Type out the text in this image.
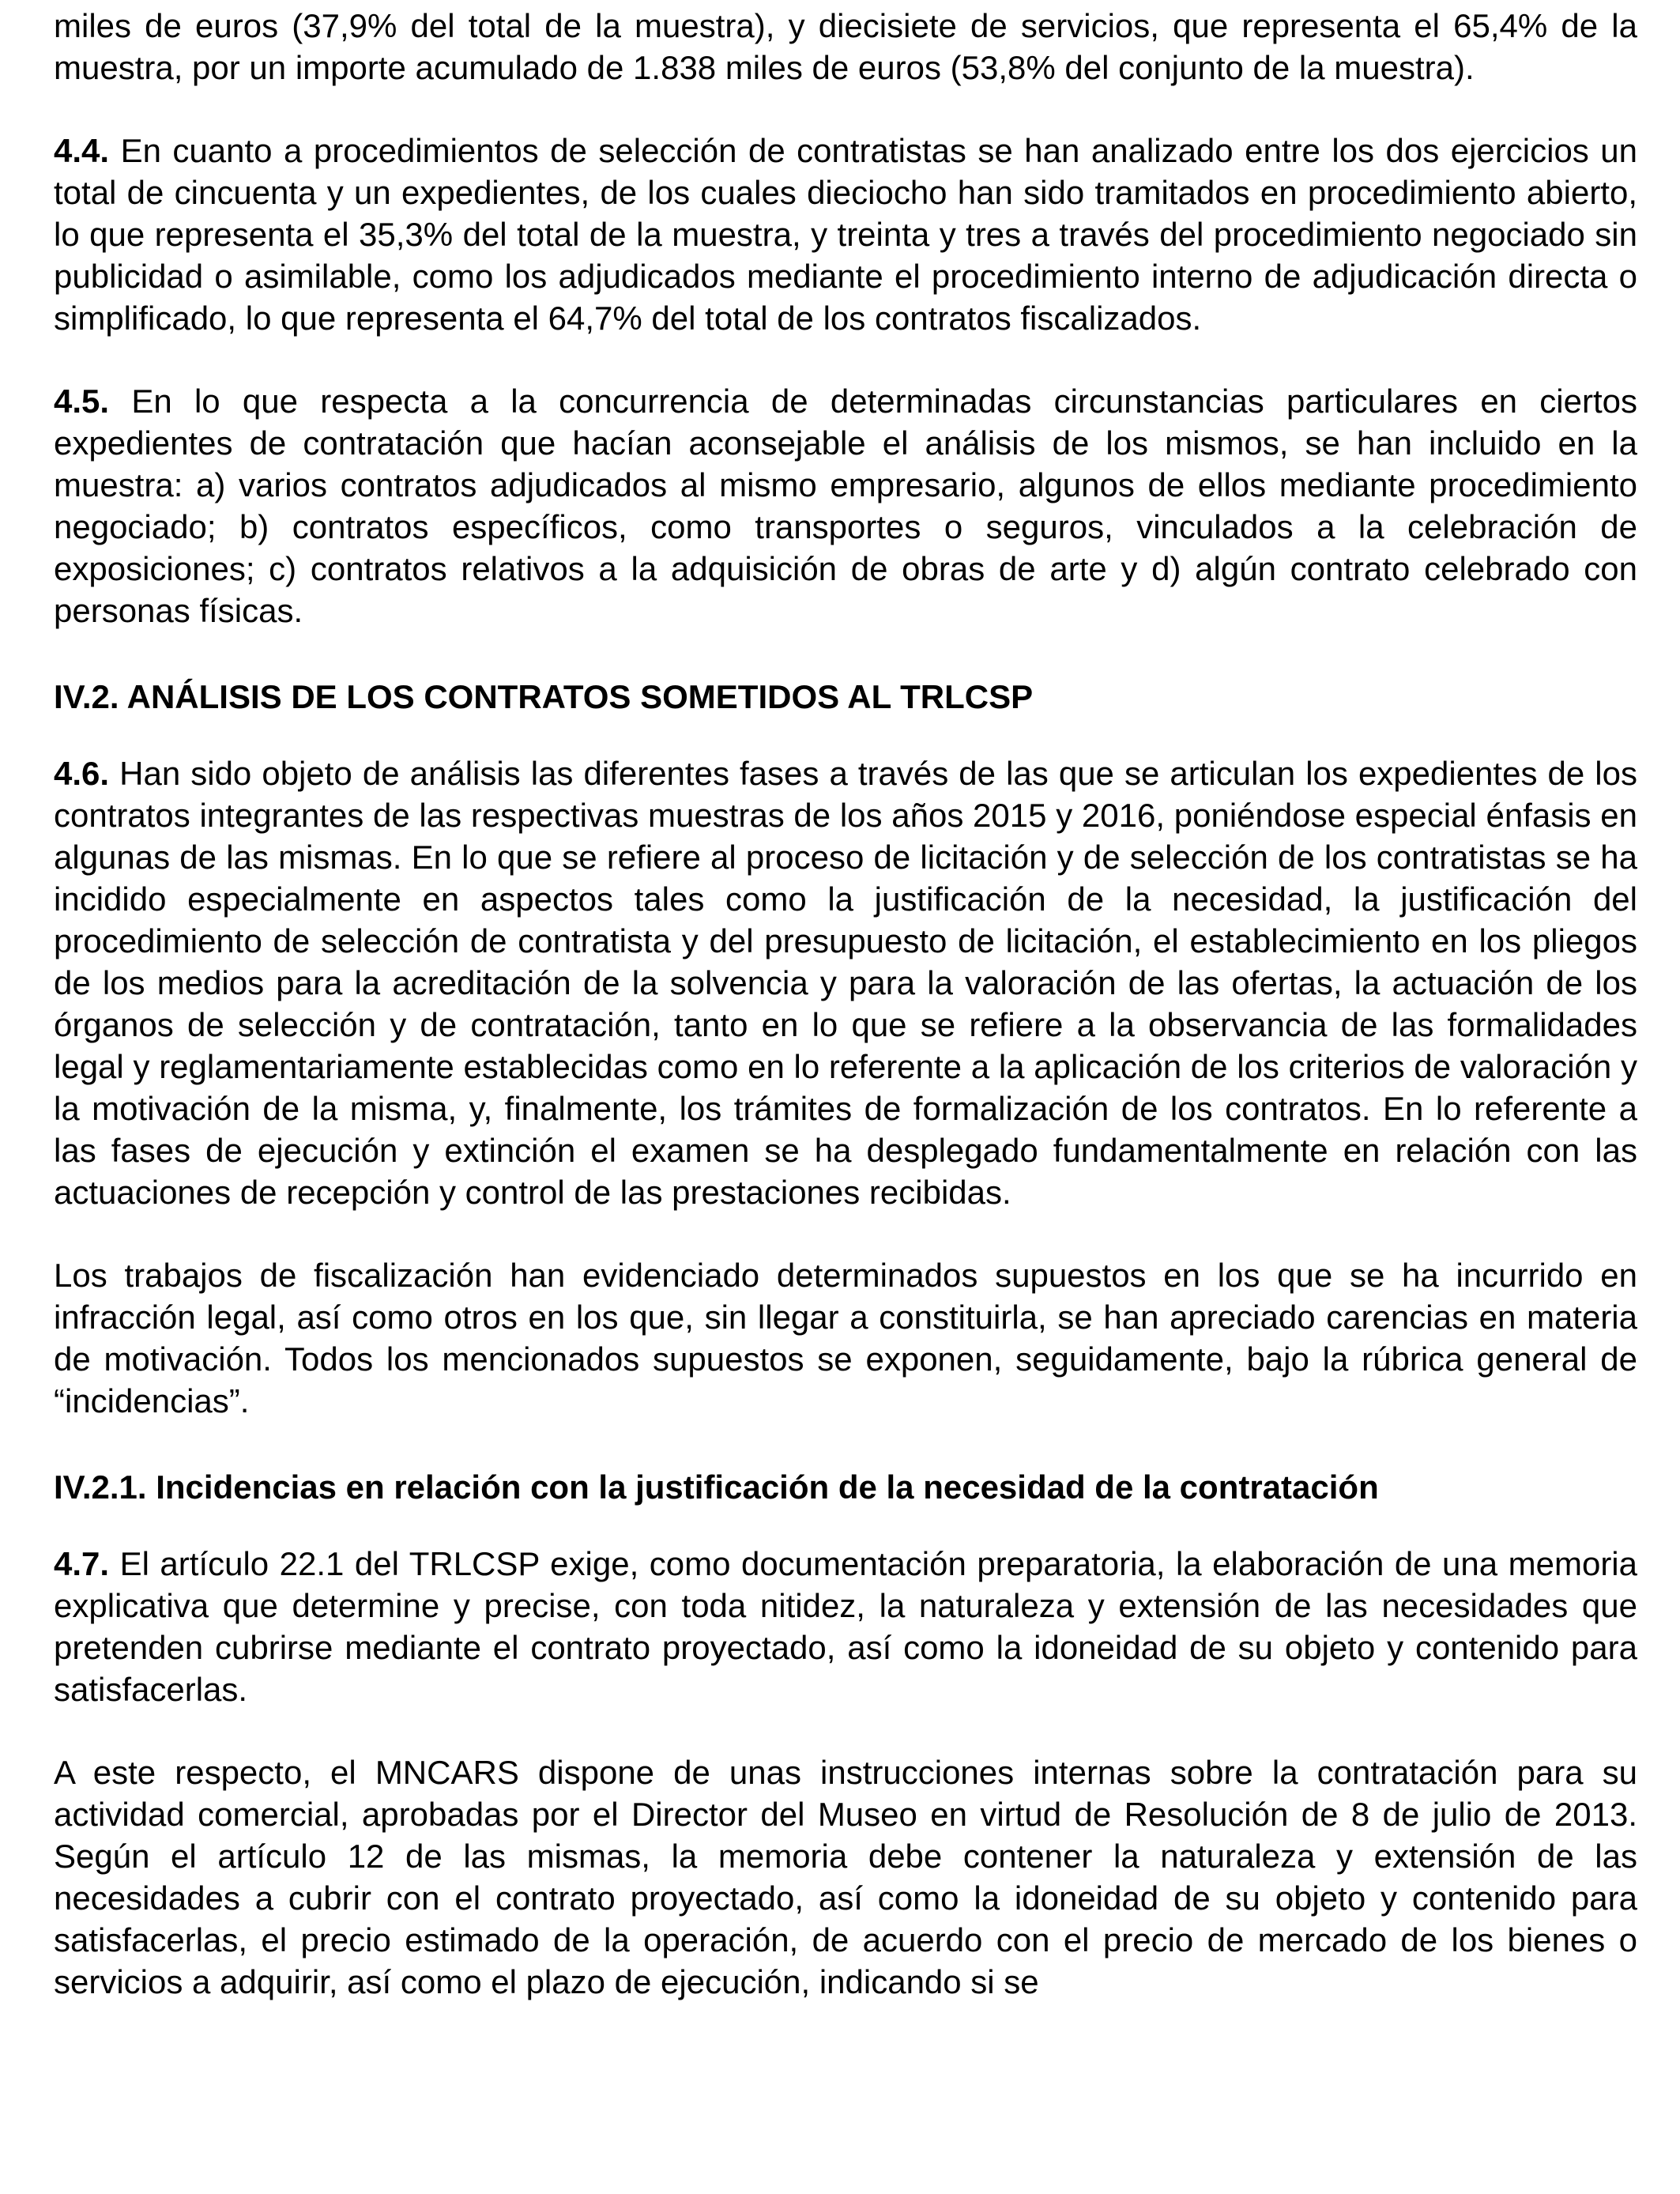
miles de euros (37,9% del total de la muestra), y diecisiete de servicios, que representa el 65,4% de la muestra, por un importe acumulado de 1.838 miles de euros (53,8% del conjunto de la muestra).

4.4. En cuanto a procedimientos de selección de contratistas se han analizado entre los dos ejercicios un total de cincuenta y un expedientes, de los cuales dieciocho han sido tramitados en procedimiento abierto, lo que representa el 35,3% del total de la muestra, y treinta y tres a través del procedimiento negociado sin publicidad o asimilable, como los adjudicados mediante el procedimiento interno de adjudicación directa o simplificado, lo que representa el 64,7% del total de los contratos fiscalizados.

4.5. En lo que respecta a la concurrencia de determinadas circunstancias particulares en ciertos expedientes de contratación que hacían aconsejable el análisis de los mismos, se han incluido en la muestra: a) varios contratos adjudicados al mismo empresario, algunos de ellos mediante procedimiento negociado; b) contratos específicos, como transportes o seguros, vinculados a la celebración de exposiciones; c) contratos relativos a la adquisición de obras de arte y d) algún contrato celebrado con personas físicas.

IV.2. ANÁLISIS DE LOS CONTRATOS SOMETIDOS AL TRLCSP

4.6. Han sido objeto de análisis las diferentes fases a través de las que se articulan los expedientes de los contratos integrantes de las respectivas muestras de los años 2015 y 2016, poniéndose especial énfasis en algunas de las mismas. En lo que se refiere al proceso de licitación y de selección de los contratistas se ha incidido especialmente en aspectos tales como la justificación de la necesidad, la justificación del procedimiento de selección de contratista y del presupuesto de licitación, el establecimiento en los pliegos de los medios para la acreditación de la solvencia y para la valoración de las ofertas, la actuación de los órganos de selección y de contratación, tanto en lo que se refiere a la observancia de las formalidades legal y reglamentariamente establecidas como en lo referente a la aplicación de los criterios de valoración y la motivación de la misma, y, finalmente, los trámites de formalización de los contratos. En lo referente a las fases de ejecución y extinción el examen se ha desplegado fundamentalmente en relación con las actuaciones de recepción y control de las prestaciones recibidas.

Los trabajos de fiscalización han evidenciado determinados supuestos en los que se ha incurrido en infracción legal, así como otros en los que, sin llegar a constituirla, se han apreciado carencias en materia de motivación. Todos los mencionados supuestos se exponen, seguidamente, bajo la rúbrica general de “incidencias”.

IV.2.1. Incidencias en relación con la justificación de la necesidad de la contratación

4.7. El artículo 22.1 del TRLCSP exige, como documentación preparatoria, la elaboración de una memoria explicativa que determine y precise, con toda nitidez, la naturaleza y extensión de las necesidades que pretenden cubrirse mediante el contrato proyectado, así como la idoneidad de su objeto y contenido para satisfacerlas.

A este respecto, el MNCARS dispone de unas instrucciones internas sobre la contratación para su actividad comercial, aprobadas por el Director del Museo en virtud de Resolución de 8 de julio de 2013. Según el artículo 12 de las mismas, la memoria debe contener la naturaleza y extensión de las necesidades a cubrir con el contrato proyectado, así como la idoneidad de su objeto y contenido para satisfacerlas, el precio estimado de la operación, de acuerdo con el precio de mercado de los bienes o servicios a adquirir, así como el plazo de ejecución, indicando si se
